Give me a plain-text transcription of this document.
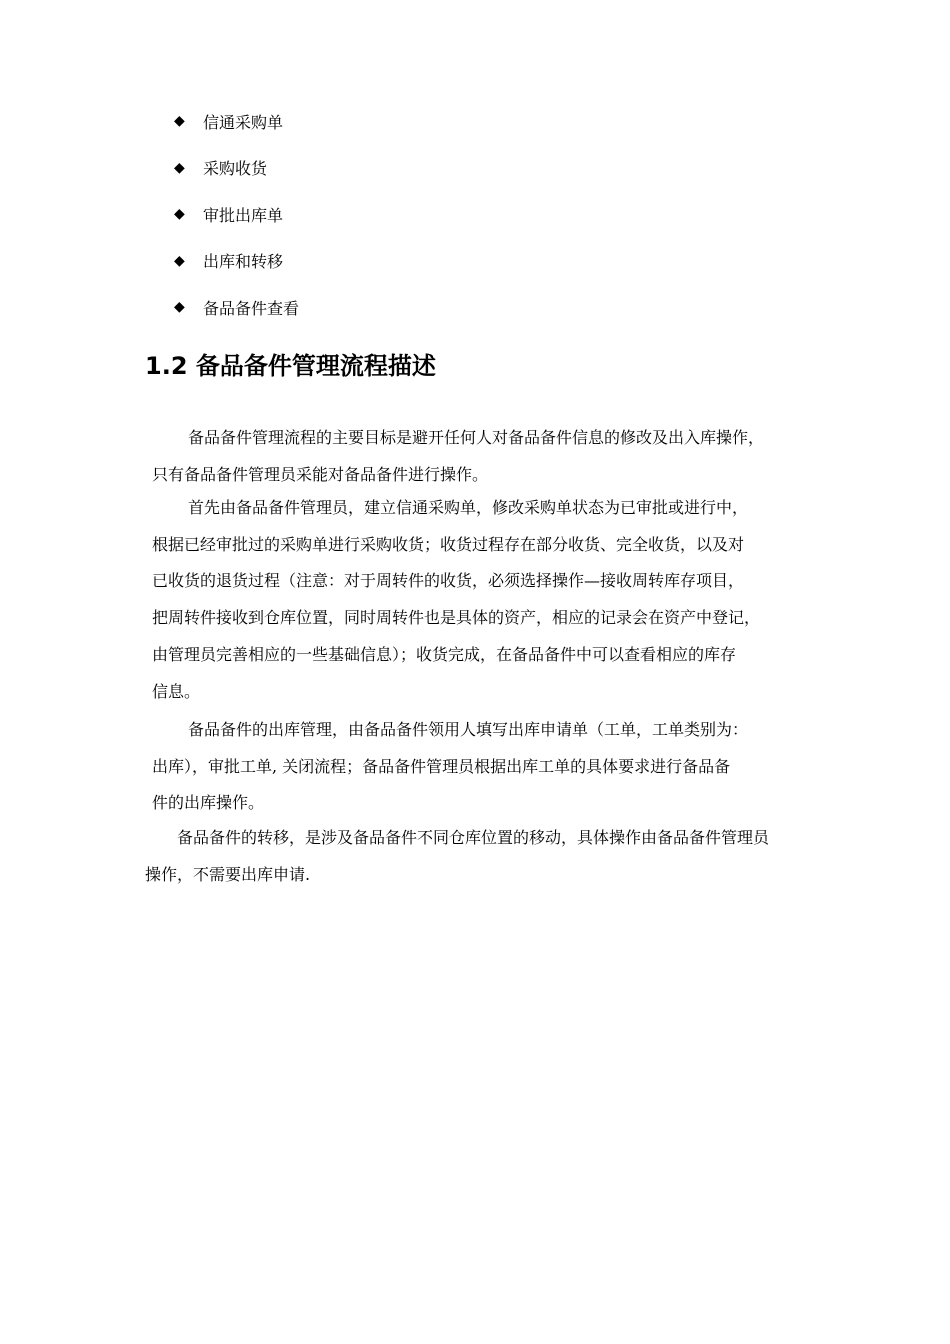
◆	信通采购单
◆	采购收货
◆	审批出库单
◆	出库和转移
◆	备品备件查看
1.2 备品备件管理流程描述
备品备件管理流程的主要目标是避开任何人对备品备件信息的修改及出入库操作，
只有备品备件管理员采能对备品备件进行操作。
首先由备品备件管理员，建立信通采购单，修改采购单状态为已审批或进行中，
根据已经审批过的采购单进行采购收货；收货过程存在部分收货、完全收货，以及对
已收货的退货过程（注意：对于周转件的收货，必须选择操作—接收周转库存项目，
把周转件接收到仓库位置，同时周转件也是具体的资产，相应的记录会在资产中登记，
由管理员完善相应的一些基础信息）；收货完成，在备品备件中可以查看相应的库存
信息。
备品备件的出库管理，由备品备件领用人填写出库申请单（工单，工单类别为：
出库），审批工单, 关闭流程；备品备件管理员根据出库工单的具体要求进行备品备
件的出库操作。
备品备件的转移，是涉及备品备件不同仓库位置的移动，具体操作由备品备件管理员
操作，不需要出库申请.
